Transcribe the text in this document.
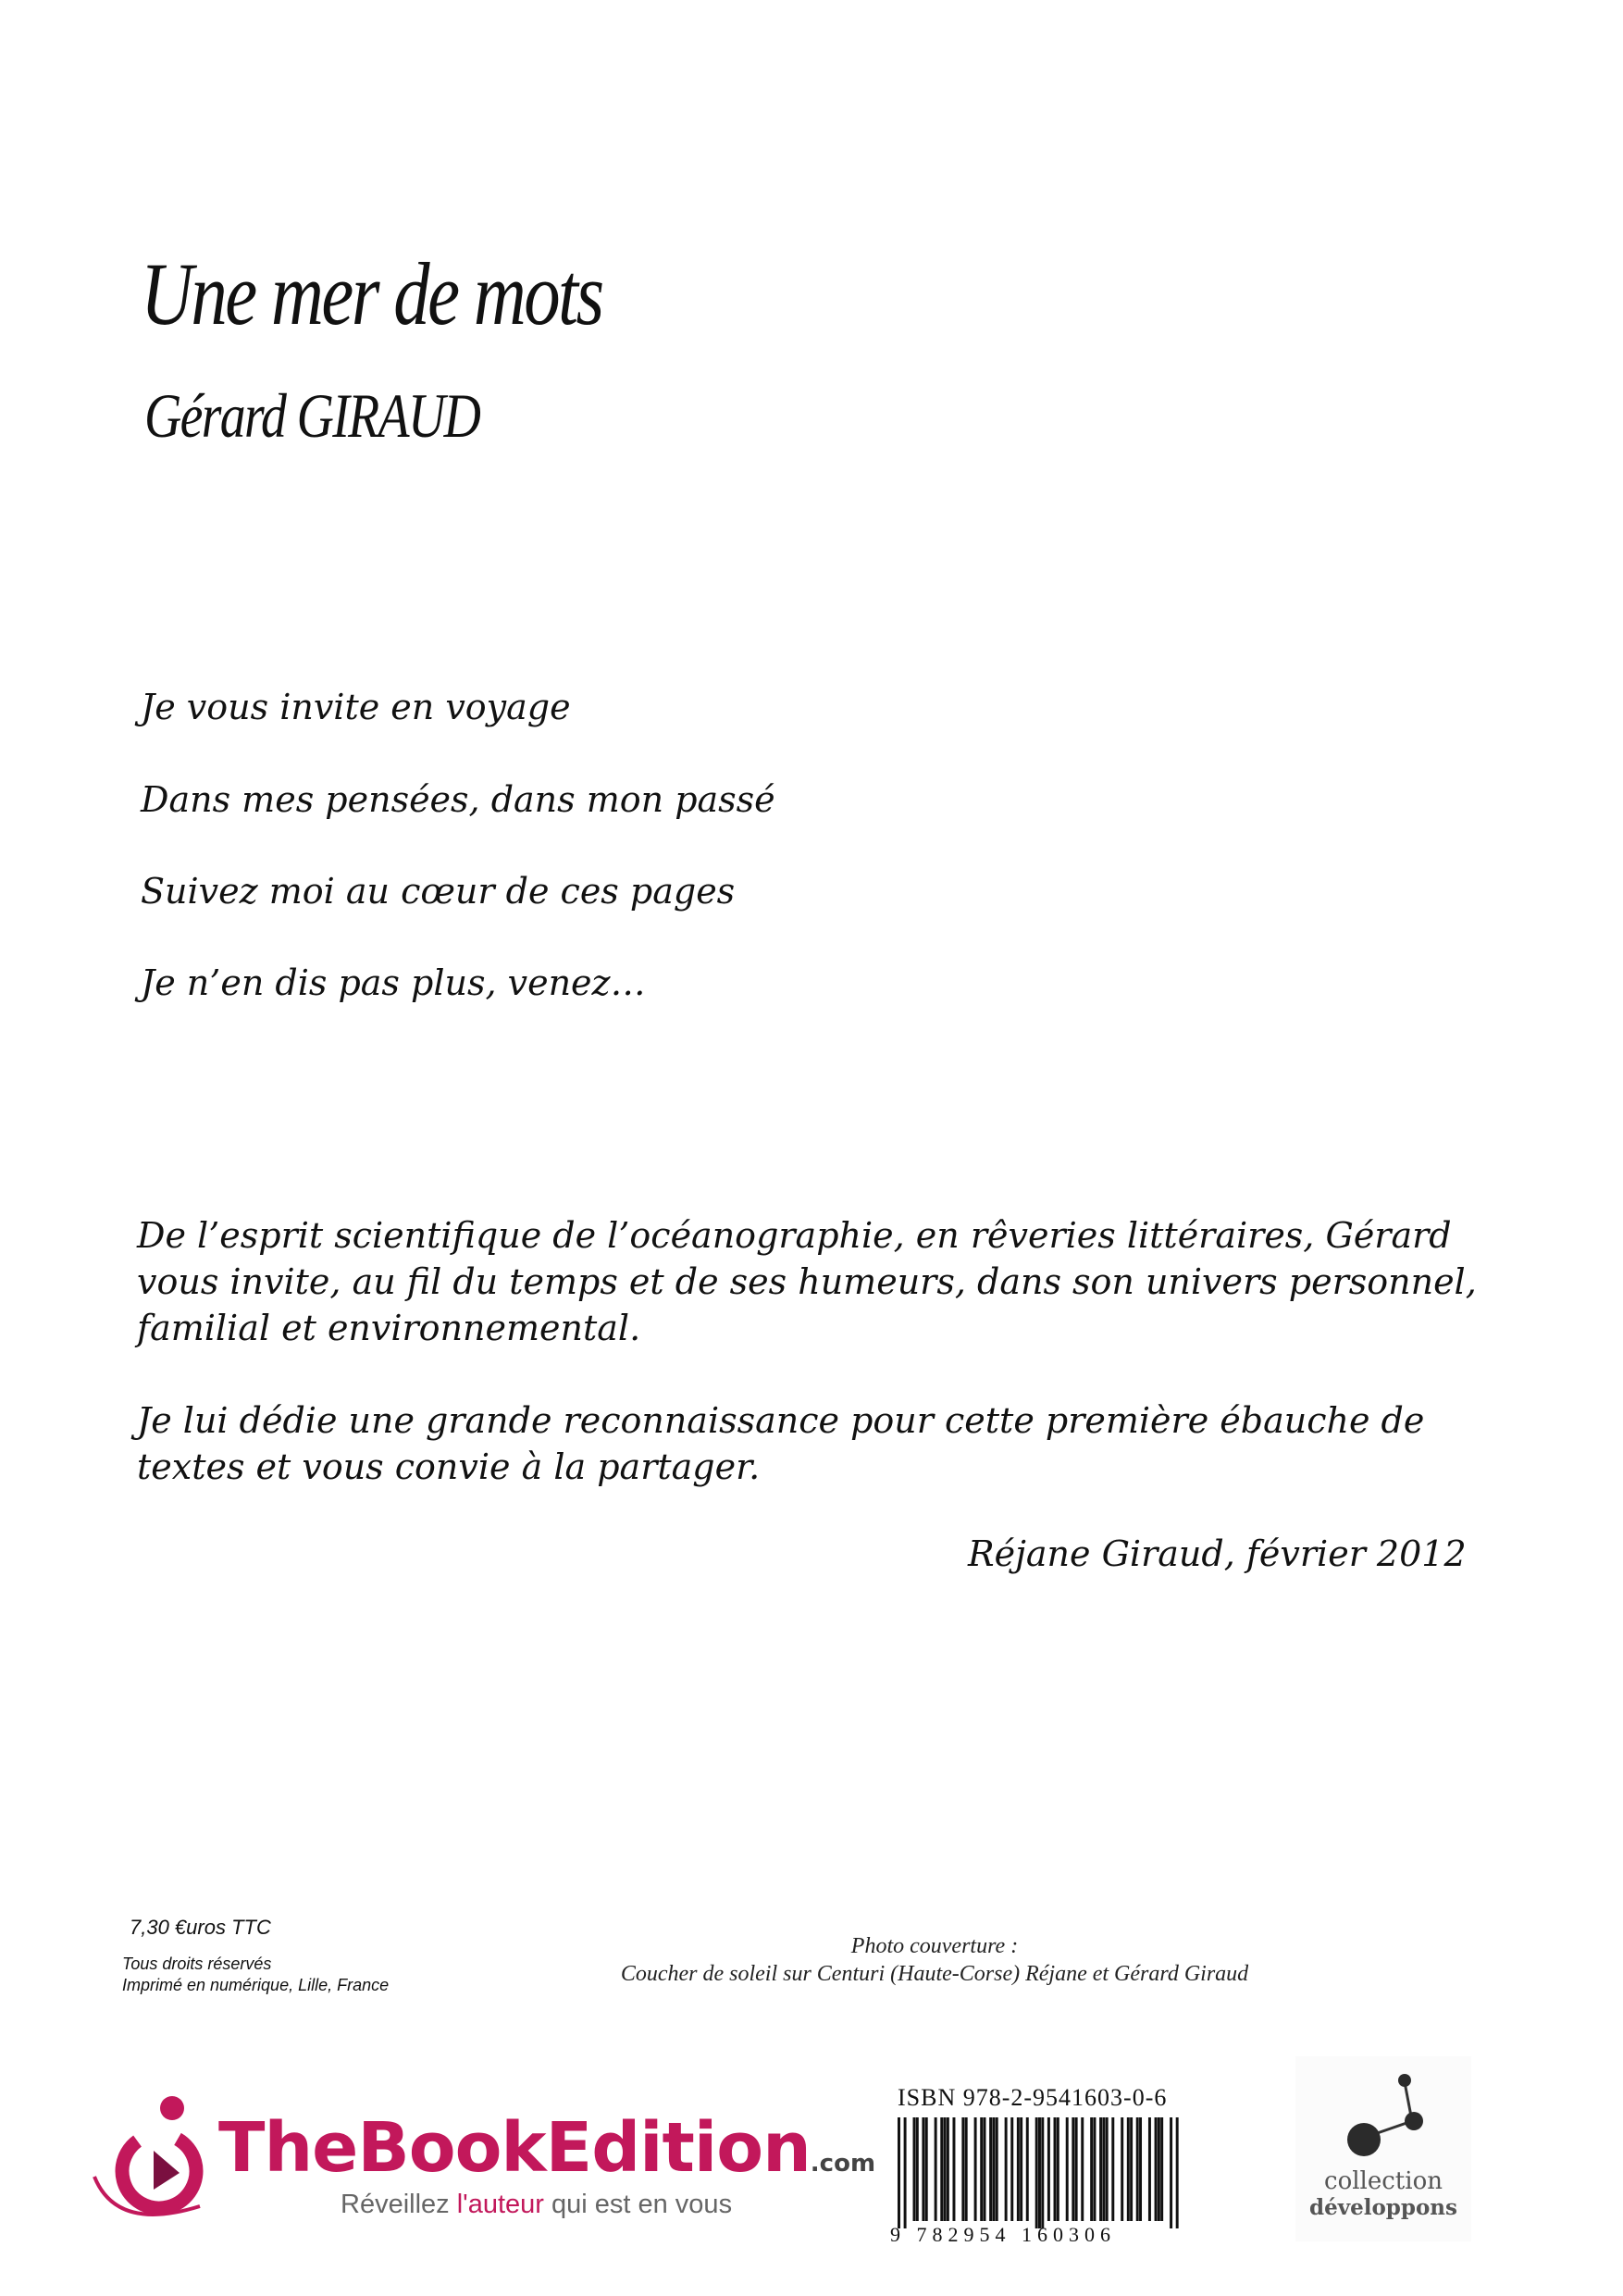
Une mer de mots
Gérard GIRAUD
Je vous invite en voyage
Dans mes pensées, dans mon passé
Suivez moi au cœur de ces pages
Je n’en dis pas plus, venez…

De l’esprit scientifique de l’océanographie, en rêveries littéraires, Gérard vous invite, au fil du temps et de ses humeurs, dans son univers personnel, familial et environnemental.

Je lui dédie une grande reconnaissance pour cette première ébauche de textes et vous convie à la partager.

Réjane Giraud, février 2012
7,30 €uros TTC
Tous droits réservés
Imprimé en numérique, Lille, France
Photo couverture :
Coucher de soleil sur Centuri (Haute-Corse) Réjane et Gérard Giraud
TheBookEdition.com
Réveillez l'auteur qui est en vous
ISBN 978-2-9541603-0-6
9 782954 160306
collection
développons
